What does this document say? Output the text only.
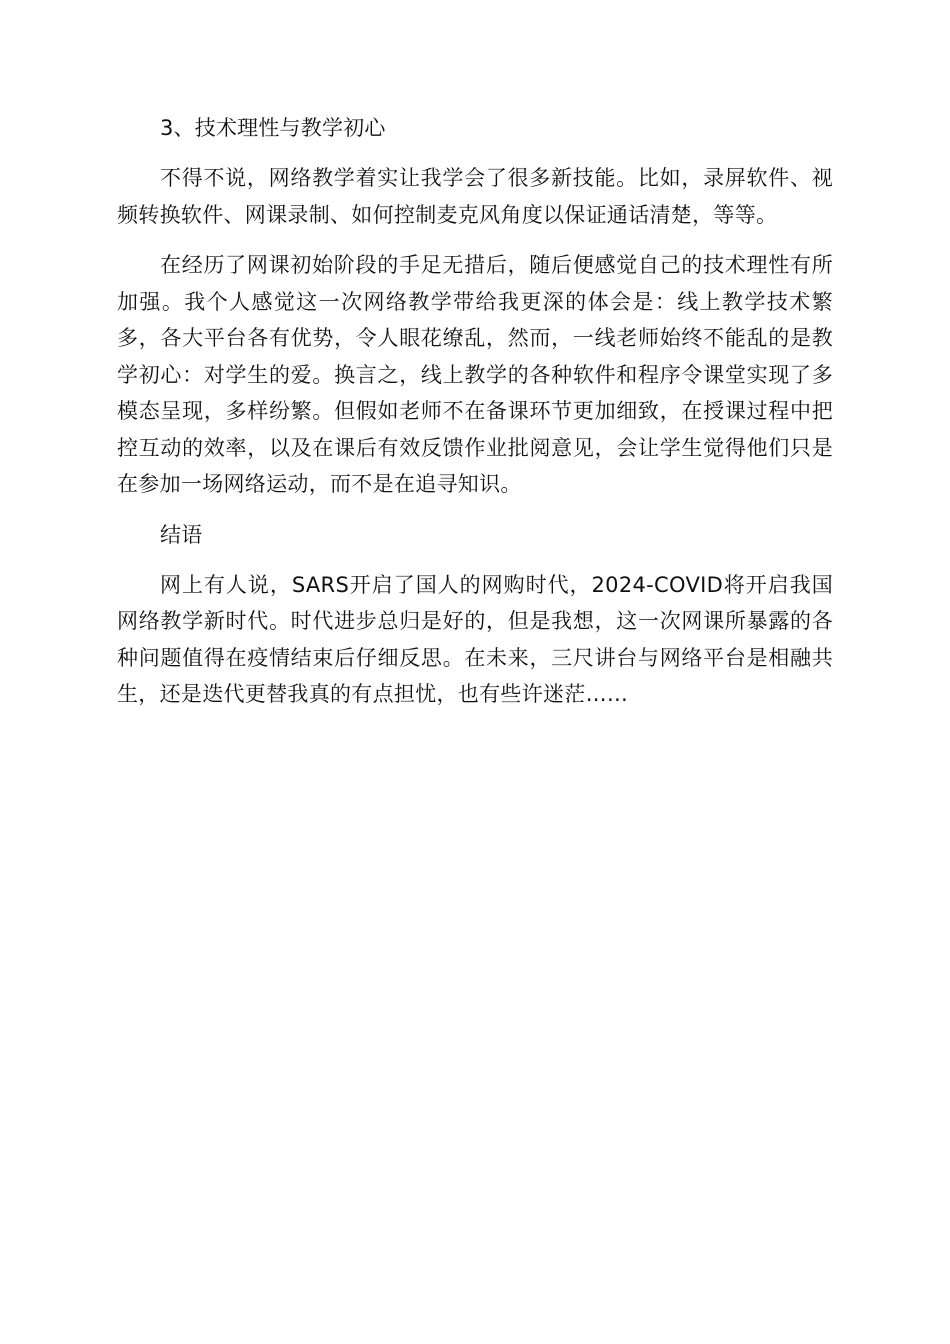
3、技术理性与教学初心

不得不说，网络教学着实让我学会了很多新技能。比如，录屏软件、视频转换软件、网课录制、如何控制麦克风角度以保证通话清楚，等等。

在经历了网课初始阶段的手足无措后，随后便感觉自己的技术理性有所加强。我个人感觉这一次网络教学带给我更深的体会是：线上教学技术繁多，各大平台各有优势，令人眼花缭乱，然而，一线老师始终不能乱的是教学初心：对学生的爱。换言之，线上教学的各种软件和程序令课堂实现了多模态呈现，多样纷繁。但假如老师不在备课环节更加细致，在授课过程中把控互动的效率，以及在课后有效反馈作业批阅意见，会让学生觉得他们只是在参加一场网络运动，而不是在追寻知识。

结语

网上有人说，SARS开启了国人的网购时代，2024-COVID将开启我国网络教学新时代。时代进步总归是好的，但是我想，这一次网课所暴露的各种问题值得在疫情结束后仔细反思。在未来，三尺讲台与网络平台是相融共生，还是迭代更替我真的有点担忧，也有些许迷茫……
